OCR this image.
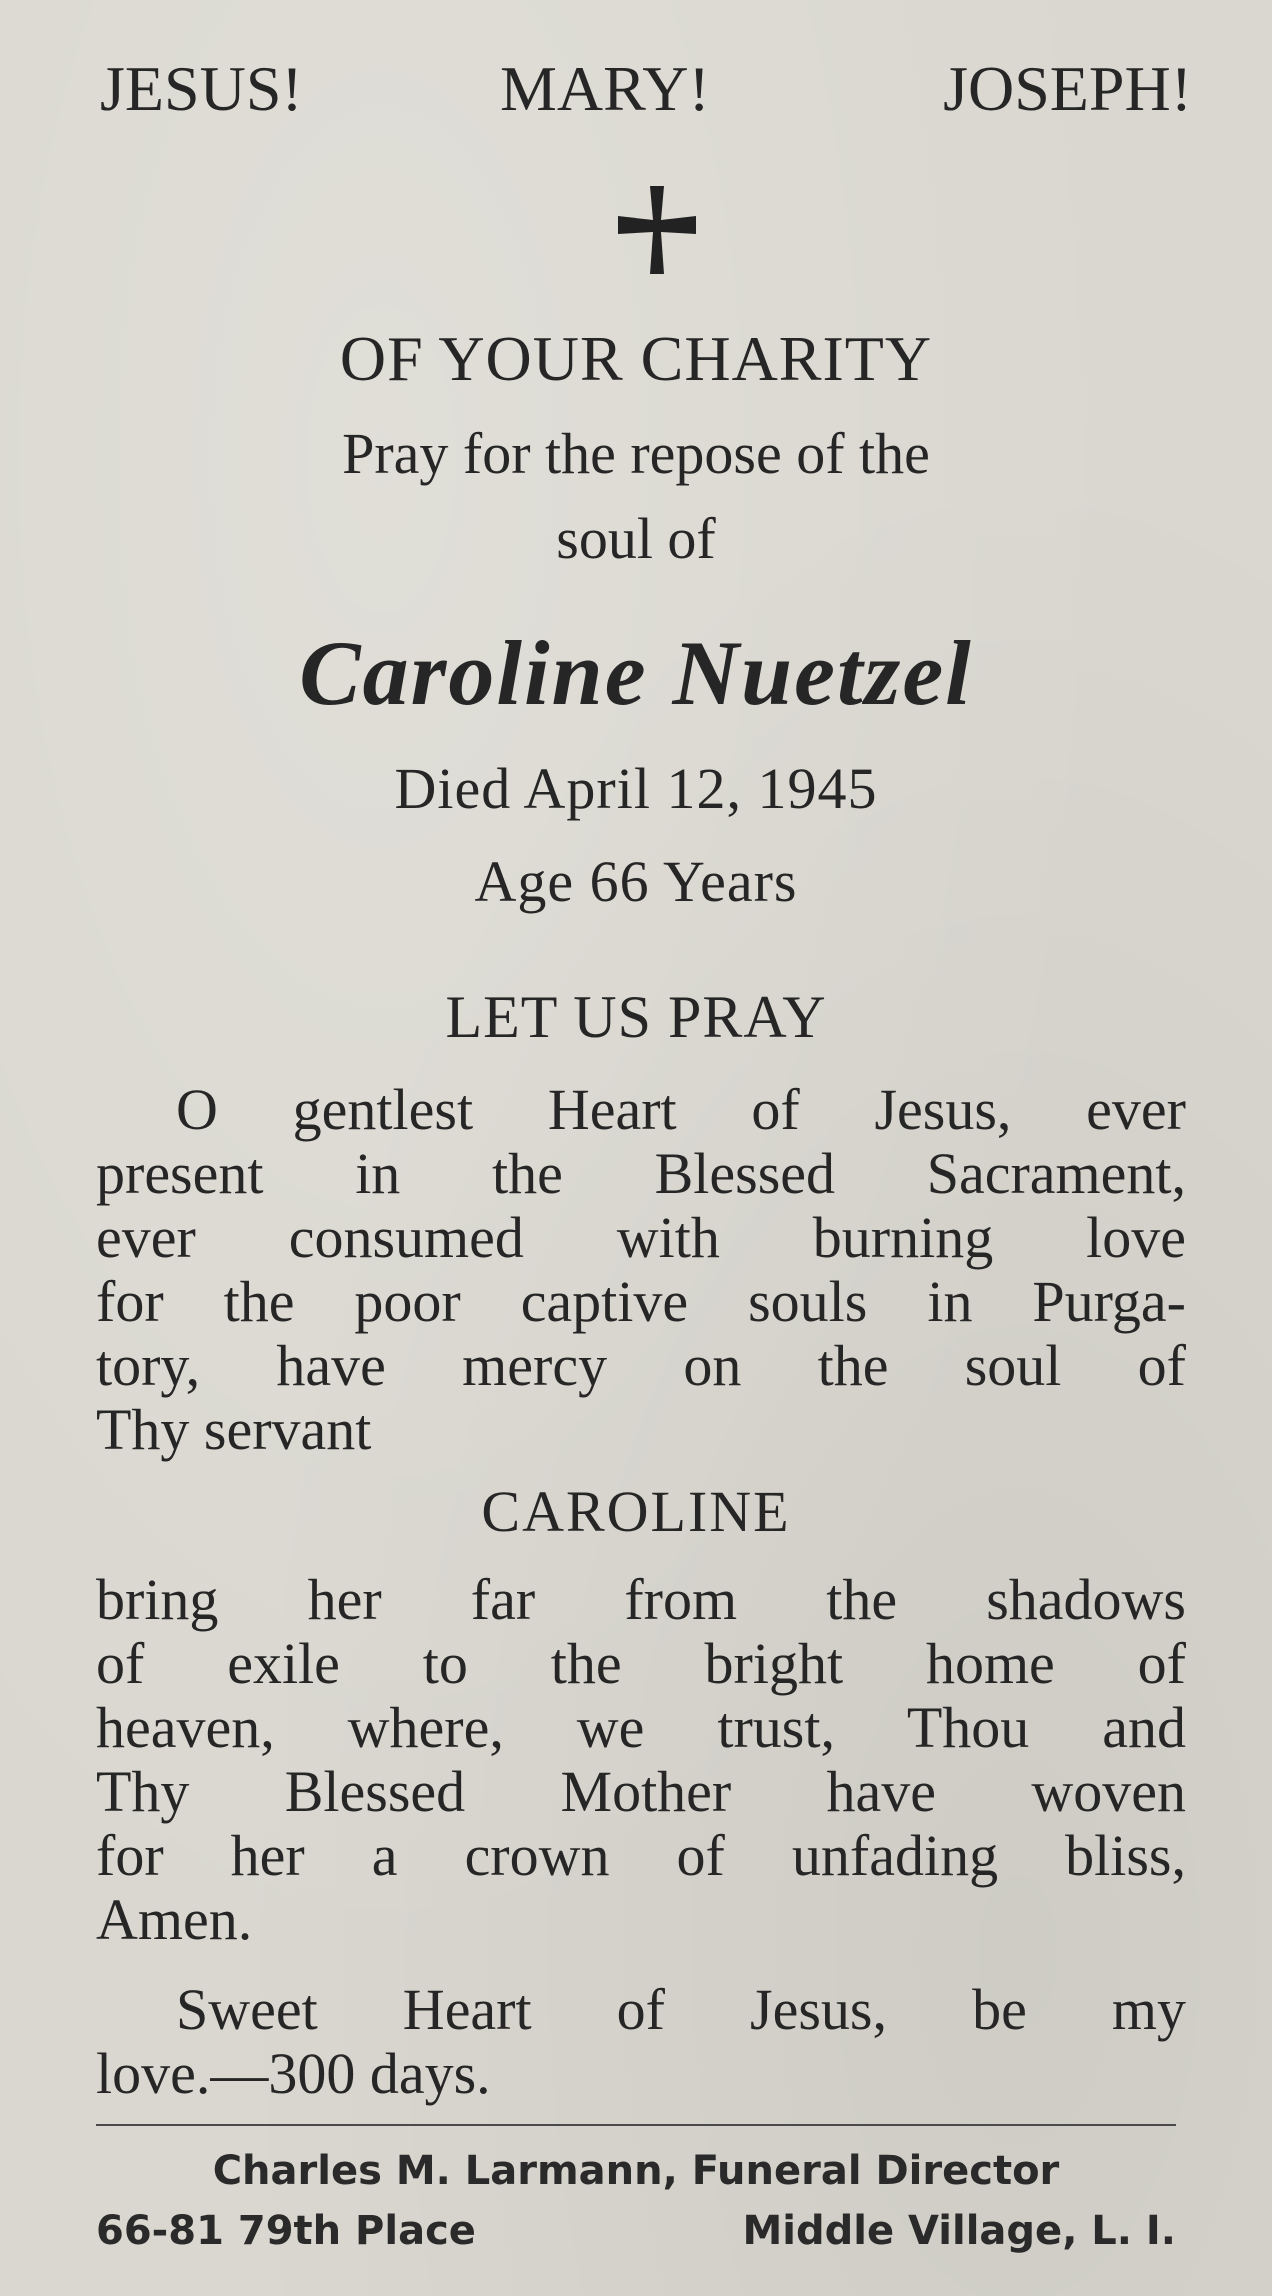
JESUS!	MARY!	JOSEPH!
OF YOUR CHARITY
Pray for the repose of the
soul of
Caroline Nuetzel
Died April 12, 1945
Age 66 Years
LET US PRAY
O gentlest Heart of Jesus, ever
present in the Blessed Sacrament,
ever consumed with burning love
for the poor captive souls in Purga-
tory, have mercy on the soul of
Thy servant
CAROLINE
bring her far from the shadows
of exile to the bright home of
heaven, where, we trust, Thou and
Thy Blessed Mother have woven
for her a crown of unfading bliss,
Amen.
Sweet Heart of Jesus, be my
love.—300 days.
Charles M. Larmann, Funeral Director
66-81 79th Place	Middle Village, L. I.
